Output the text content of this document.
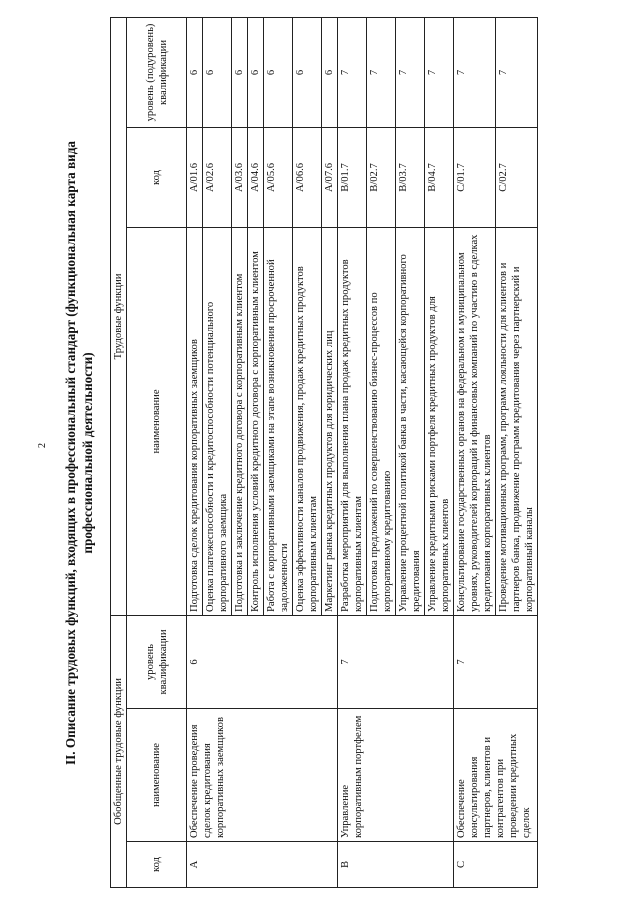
2 II. Описание трудовых функций, входящих в профессиональный стандарт (функциональная карта вида профессиональной деятельности)

Обобщенные трудовые функции			Трудовые функции		
код	наименование	уровень квалификации	наименование	код	уровень (подуровень) квалификации
A	Обеспечение проведения сделок кредитования корпоративных заемщиков	6	Подготовка сделок кредитования корпоративных заемщиков	A/01.6	6
			Оценка платежеспособности и кредитоспособности потенциального корпоративного заемщика	A/02.6	6
			Подготовка и заключение кредитного договора с корпоративным клиентом	A/03.6	6
			Контроль исполнения условий кредитного договора с корпоративным клиентом	A/04.6	6
			Работа с корпоративными заемщиками на этапе возникновения просроченной задолженности	A/05.6	6
			Оценка эффективности каналов продвижения, продаж кредитных продуктов корпоративным клиентам	A/06.6	6
			Маркетинг рынка кредитных продуктов для юридических лиц	A/07.6	6
B	Управление корпоративным портфелем	7	Разработка мероприятий для выполнения плана продаж кредитных продуктов корпоративным клиентам	B/01.7	7
			Подготовка предложений по совершенствованию бизнес-процессов по корпоративному кредитованию	B/02.7	7
			Управление процентной политикой банка в части, касающейся корпоративного кредитования	B/03.7	7
			Управление кредитными рисками портфеля кредитных продуктов для корпоративных клиентов	B/04.7	7
C	Обеспечение консультирования партнеров, клиентов и контрагентов при проведении кредитных сделок	7	Консультирование государственных органов на федеральном и муниципальном уровнях, руководителей корпораций и финансовых компаний по участию в сделках кредитования корпоративных клиентов	C/01.7	7
			Проведение мотивационных программ, программ лояльности для клиентов и партнеров банка, продвижение программ кредитования через партнерский и корпоративный каналы	C/02.7	7
